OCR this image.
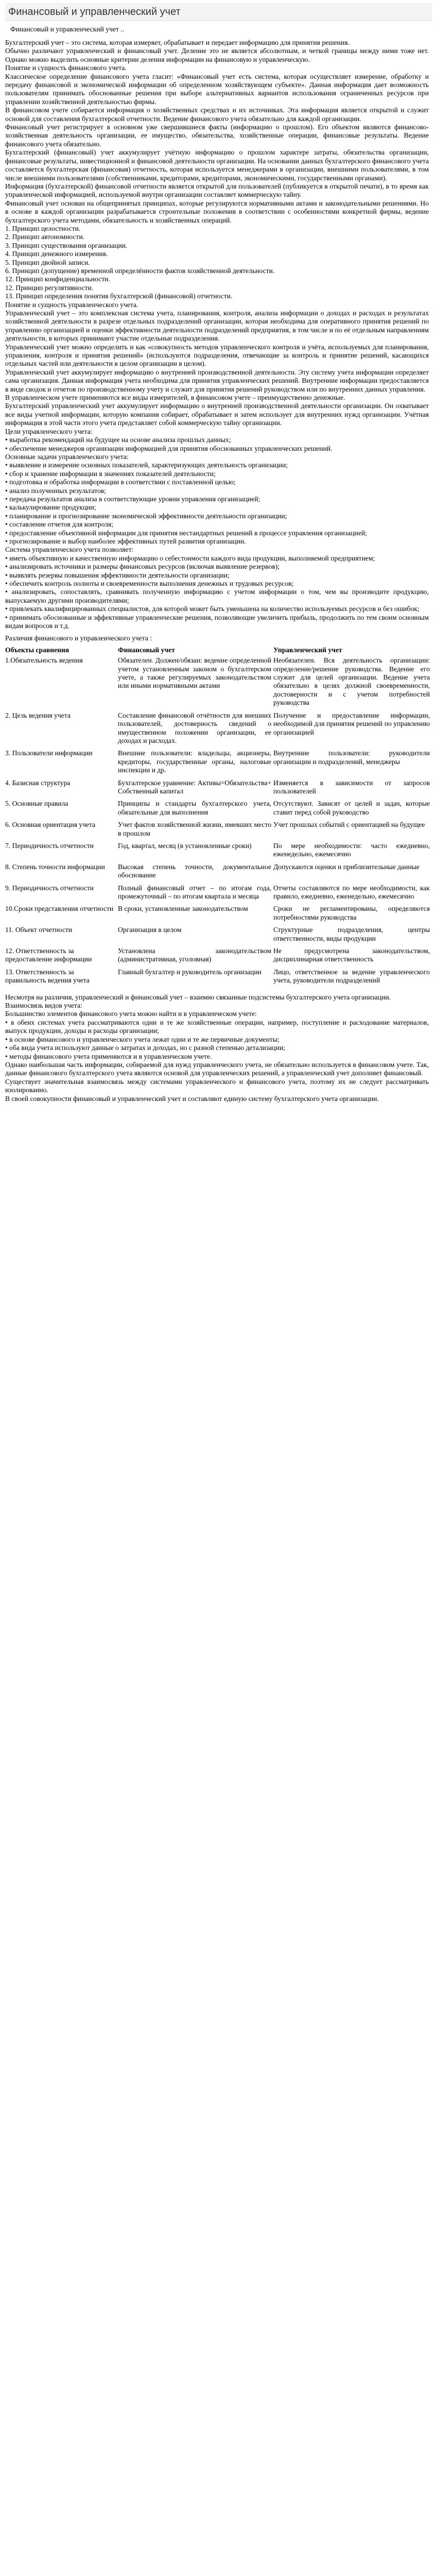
Финансовый и управленческий учет
Финансовый и управленческий учет ..

Бухгалтерский учет – это система, которая измеряет, обрабатывает и передает информацию для принятия решения.

Обычно различают управленческий и финансовый учет. Деление это не является абсолютным, и четкой границы между ними тоже нет. Однако можно выделить основные критерии деления информации на финансовую и управленческую.

Понятие и сущность финансового учета.

Классическое определение финансового учета гласит: «Финансовый учет есть система, которая осуществляет измерение, обработку и передачу финансовой и экономической информации об определенном хозяйствующем субъекте». Данная информация дает возможность пользователям принимать обоснованные решения при выборе альтернативных вариантов использования ограниченных ресурсов при управлении хозяйственной деятельностью фирмы.

В финансовом учете собирается информация о хозяйственных средствах и их источниках. Эта информация является открытой и служит основой для составления бухгалтерской отчетности. Ведение финансового учета обязательно для каждой организации.

Финансовый учет регистрирует в основном уже свершившиеся факты (информацию о прошлом). Его объектом являются финансово-хозяйственная деятельность организации, ее имущество, обязательства, хозяйственные операции, финансовые результаты. Ведение финансового учета обязательно.

Бухгалтерский (финансовый) учет аккумулирует учётную информацию о прошлом характере затраты, обязательства организации, финансовые результаты, инвестиционной и финансовой деятельности организации. На основании данных бухгалтерского финансового учета составляется бухгалтерская (финансовая) отчетность, которая используется менеджерами в организации, внешними пользователями, в том числе внешними пользователями (собственниками, кредиторами, кредиторами, экономическими, государственными органами).

Информация (бухгалтерской) финансовой отчетности является открытой для пользователей (публикуется в открытой печати), в то время как управленческой информацией, используемой внутри организации составляет коммерческую тайну.

Финансовый учет основан на общепринятых принципах, которые регулируются нормативными актами и законодательными решениями. Но в основе в каждой организации разрабатывается строительные положения в соответствии с особенностями конкретной фирмы, ведение бухгалтерского учета методами, обязательность и хозяйственных операций.

1. Принцип целостности.

2. Принцип автономности.

3. Принцип существования организации.

4. Принцип денежного измерения.

5. Принцип двойной записи.

6. Принцип (допущение) временной определённости фактов хозяйственной деятельности.

12. Принцип конфиденциальности.

12. Принцип регулятивности.

13. Принцип определения понятия бухгалтерской (финансовой) отчетности.

Понятие и сущность управленческого учета.

Управленческий учет – это комплексная система учета, планирования, контроля, анализа информации о доходах и расходах и результатах хозяйственной деятельности в разрезе отдельных подразделений организации, которая необходима для оперативного принятия решений по управлению организацией и оценки эффективности деятельности подразделений предприятия, в том числе и по её отдельным направлениям деятельности, в которых принимают участие отдельные подразделения.

Управленческий учет можно определить и как «совокупность методов управленческого контроля и учёта, используемых для планирования, управления, контроля и принятия решений» (используются подразделения, отвечающие за контроль и принятие решений, касающихся отдельных частей или деятельности в целом организации в целом).

Управленческий учет аккумулирует информацию о внутренней производственной деятельности. Эту систему учета информации определяет сама организация. Данная информация учета необходима для принятия управленческих решений. Внутренние информации предоставляется в виде сводок и отчетов по производственному учету и служит для принятия решений руководством или по внутренних данных управления.

В управленческом учете применяются все виды измерителей, в финансовом учете – преимущественно денежные.

Бухгалтерский управленческий учет аккумулирует информацию о внутренней производственной деятельности организации. Он охватывает все виды учетной информации, которую компания собирает, обрабатывает и затем использует для внутренних нужд организации. Учётная информация в этой части этого учета представляет собой коммерческую тайну организации.

Цели управленческого учета:

• выработка рекомендаций на будущее на основе анализа прошлых данных;

• обеспечение менеджеров организации информацией для принятия обоснованных управленческих решений.

Основные задачи управленческого учета:

• выявление и измерение основных показателей, характеризующих деятельность организации;

• сбор и хранение информации в значениях показателей деятельности;

• подготовка и обработка информации в соответствии с поставленной целью;

• анализ полученных результатов;

• передача результатов анализа в соответствующие уровни управления организацией;

• калькулирование продукции;

• планирование и прогнозирование экономической эффективности деятельности организации;

• составление отчетов для контроля;

• предоставление объективной информации для принятия нестандартных решений в процессе управления организацией;

• прогнозирование и выбор наиболее эффективных путей развития организации.

Система управленческого учета позволяет:

• иметь объективную и качественную информацию о себестоимости каждого вида продукции, выполняемой предприятием;

• анализировать источники и размеры финансовых ресурсов (включая выявление резервов);

• выявлять резервы повышения эффективности деятельности организации;

• обеспечить контроль полноты и своевременности выполнения денежных и трудовых ресурсов;

• анализировать, сопоставлять, сравнивать полученную информацию с учетом информации о том, чем вы производите продукцию, выпускаемую другими производителями;

• привлекать квалифицированных специалистов, для которой может быть уменьшена на количество используемых ресурсов и без ошибок;

• принимать обоснованные и эффективные управленческие решения, позволяющие увеличить прибыль, продолжить по тем своим основным видам вопросов и т.д.

Различия финансового и управленческого учета :
Объекты сравнения	Финансовый учет	Управленческий учет
1.Обязательность ведения	Обязателен. Должен/обязан: ведение определенной учетом установленным законом о бухгалтерском учете, а также регулируемых законодательством или иными нормативными актами	Необязателен. Вся деятельность организации: определение/решение руководства. Ведение его служит для целей организации. Ведение учета обязательно в целях должной своевременности, достоверности и с учетом потребностей руководства
2. Цель ведения учета	Составление финансовой отчётности для внешних пользователей, достоверность сведений о имущественном положении организации, ее доходах и расходах.	Получение и предоставление информации, необходимой для принятия решений по управлению организацией
3. Пользователи информации	Внешние пользователи: владельцы, акционеры, кредиторы, государственные органы, налоговые инспекции и др.	Внутренние пользователи: руководители организации и подразделений, менеджеры
4. Базисная структура	Бухгалтерское уравнение: Активы=Обязательства+ Собственный капитал	Изменяется в зависимости от запросов пользователей
5. Основные правила	Принципы и стандарты бухгалтерского учета, обязательные для выполнения	Отсутствуют. Зависят от целей и задач, которые ставит перед собой руководство
6. Основная ориентация учета	Учет фактов хозяйственной жизни, имевших место в прошлом	Учет прошлых событий с ориентацией на будущее
7. Периодичность отчетности	Год, квартал, месяц (в установленные сроки)	По мере необходимости: часто ежедневно, еженедельно, ежемесячно
8. Степень точности информации	Высокая степень точности, документальное обоснование	Допускаются оценки и приблизительные данные
9. Периодичность отчетности	Полный финансовый отчет – по итогам года, промежуточный – по итогам квартала и месяца	Отчеты составляются по мере необходимости, как правило, ежедневно, еженедельно, ежемесячно
10.Сроки представления отчетности	В сроки, установленные законодательством	Сроки не регламентированы, определяются потребностями руководства
11. Объект отчетности	Организация в целом	Структурные подразделения, центры ответственности, виды продукции
12. Ответственность за предоставление информации	Установлена законодательством (административная, уголовная)	Не предусмотрена законодательством, дисциплинарная ответственность
13. Ответственность за правильность ведения учета	Главный бухгалтер и руководитель организации	Лицо, ответственное за ведение управленческого учета, руководители подразделений

Несмотря на различия, управленческий и финансовый учет – взаимно связанные подсистемы бухгалтерского учета организации.

Взаимосвязь видов учета:

Большинство элементов финансового учета можно найти и в управленческом учете:

• в обеих системах учета рассматриваются одни и те же хозяйственные операции, например, поступление и расходование материалов, выпуск продукции, доходы и расходы организации;

• в основе финансового и управленческого учета лежат одни и те же первичные документы;

• оба вида учета используют данные о затратах и доходах, но с разной степенью детализации;

• методы финансового учета применяются и в управленческом учете.

Однако наибольшая часть информации, собираемой для нужд управленческого учета, не обязательно используется в финансовом учете. Так, данные финансового бухгалтерского учета являются основой для управленческих решений, а управленческий учет дополняет финансовый.

Существует значительная взаимосвязь между системами управленческого и финансового учета, поэтому их не следует рассматривать изолированно.

В своей совокупности финансовый и управленческий учет и составляют единую систему бухгалтерского учета организации.
